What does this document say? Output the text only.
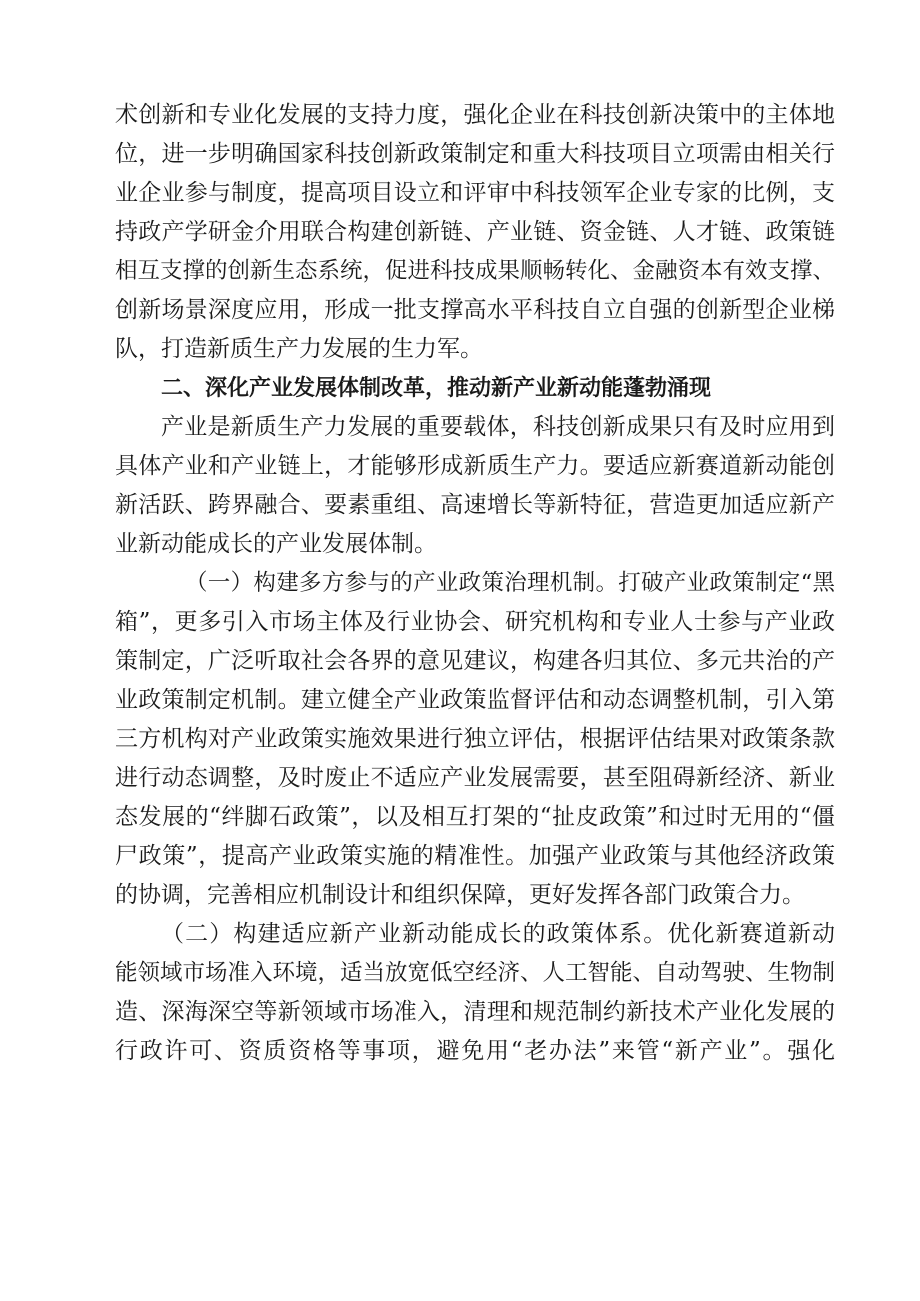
术创新和专业化发展的支持力度，强化企业在科技创新决策中的主体地
位，进一步明确国家科技创新政策制定和重大科技项目立项需由相关行
业企业参与制度，提高项目设立和评审中科技领军企业专家的比例，支
持政产学研金介用联合构建创新链、产业链、资金链、人才链、政策链
相互支撑的创新生态系统，促进科技成果顺畅转化、金融资本有效支撑、
创新场景深度应用，形成一批支撑高水平科技自立自强的创新型企业梯
队，打造新质生产力发展的生力军。
二、深化产业发展体制改革，推动新产业新动能蓬勃涌现
产业是新质生产力发展的重要载体，科技创新成果只有及时应用到
具体产业和产业链上，才能够形成新质生产力。要适应新赛道新动能创
新活跃、跨界融合、要素重组、高速增长等新特征，营造更加适应新产
业新动能成长的产业发展体制。
（一）构建多方参与的产业政策治理机制。打破产业政策制定“黑
箱”，更多引入市场主体及行业协会、研究机构和专业人士参与产业政
策制定，广泛听取社会各界的意见建议，构建各归其位、多元共治的产
业政策制定机制。建立健全产业政策监督评估和动态调整机制，引入第
三方机构对产业政策实施效果进行独立评估，根据评估结果对政策条款
进行动态调整，及时废止不适应产业发展需要，甚至阻碍新经济、新业
态发展的“绊脚石政策”，以及相互打架的“扯皮政策”和过时无用的“僵
尸政策”，提高产业政策实施的精准性。加强产业政策与其他经济政策
的协调，完善相应机制设计和组织保障，更好发挥各部门政策合力。
（二）构建适应新产业新动能成长的政策体系。优化新赛道新动
能领域市场准入环境，适当放宽低空经济、人工智能、自动驾驶、生物制
造、深海深空等新领域市场准入，清理和规范制约新技术产业化发展的
行政许可、资质资格等事项，避免用“老办法”来管“新产业”。强化
